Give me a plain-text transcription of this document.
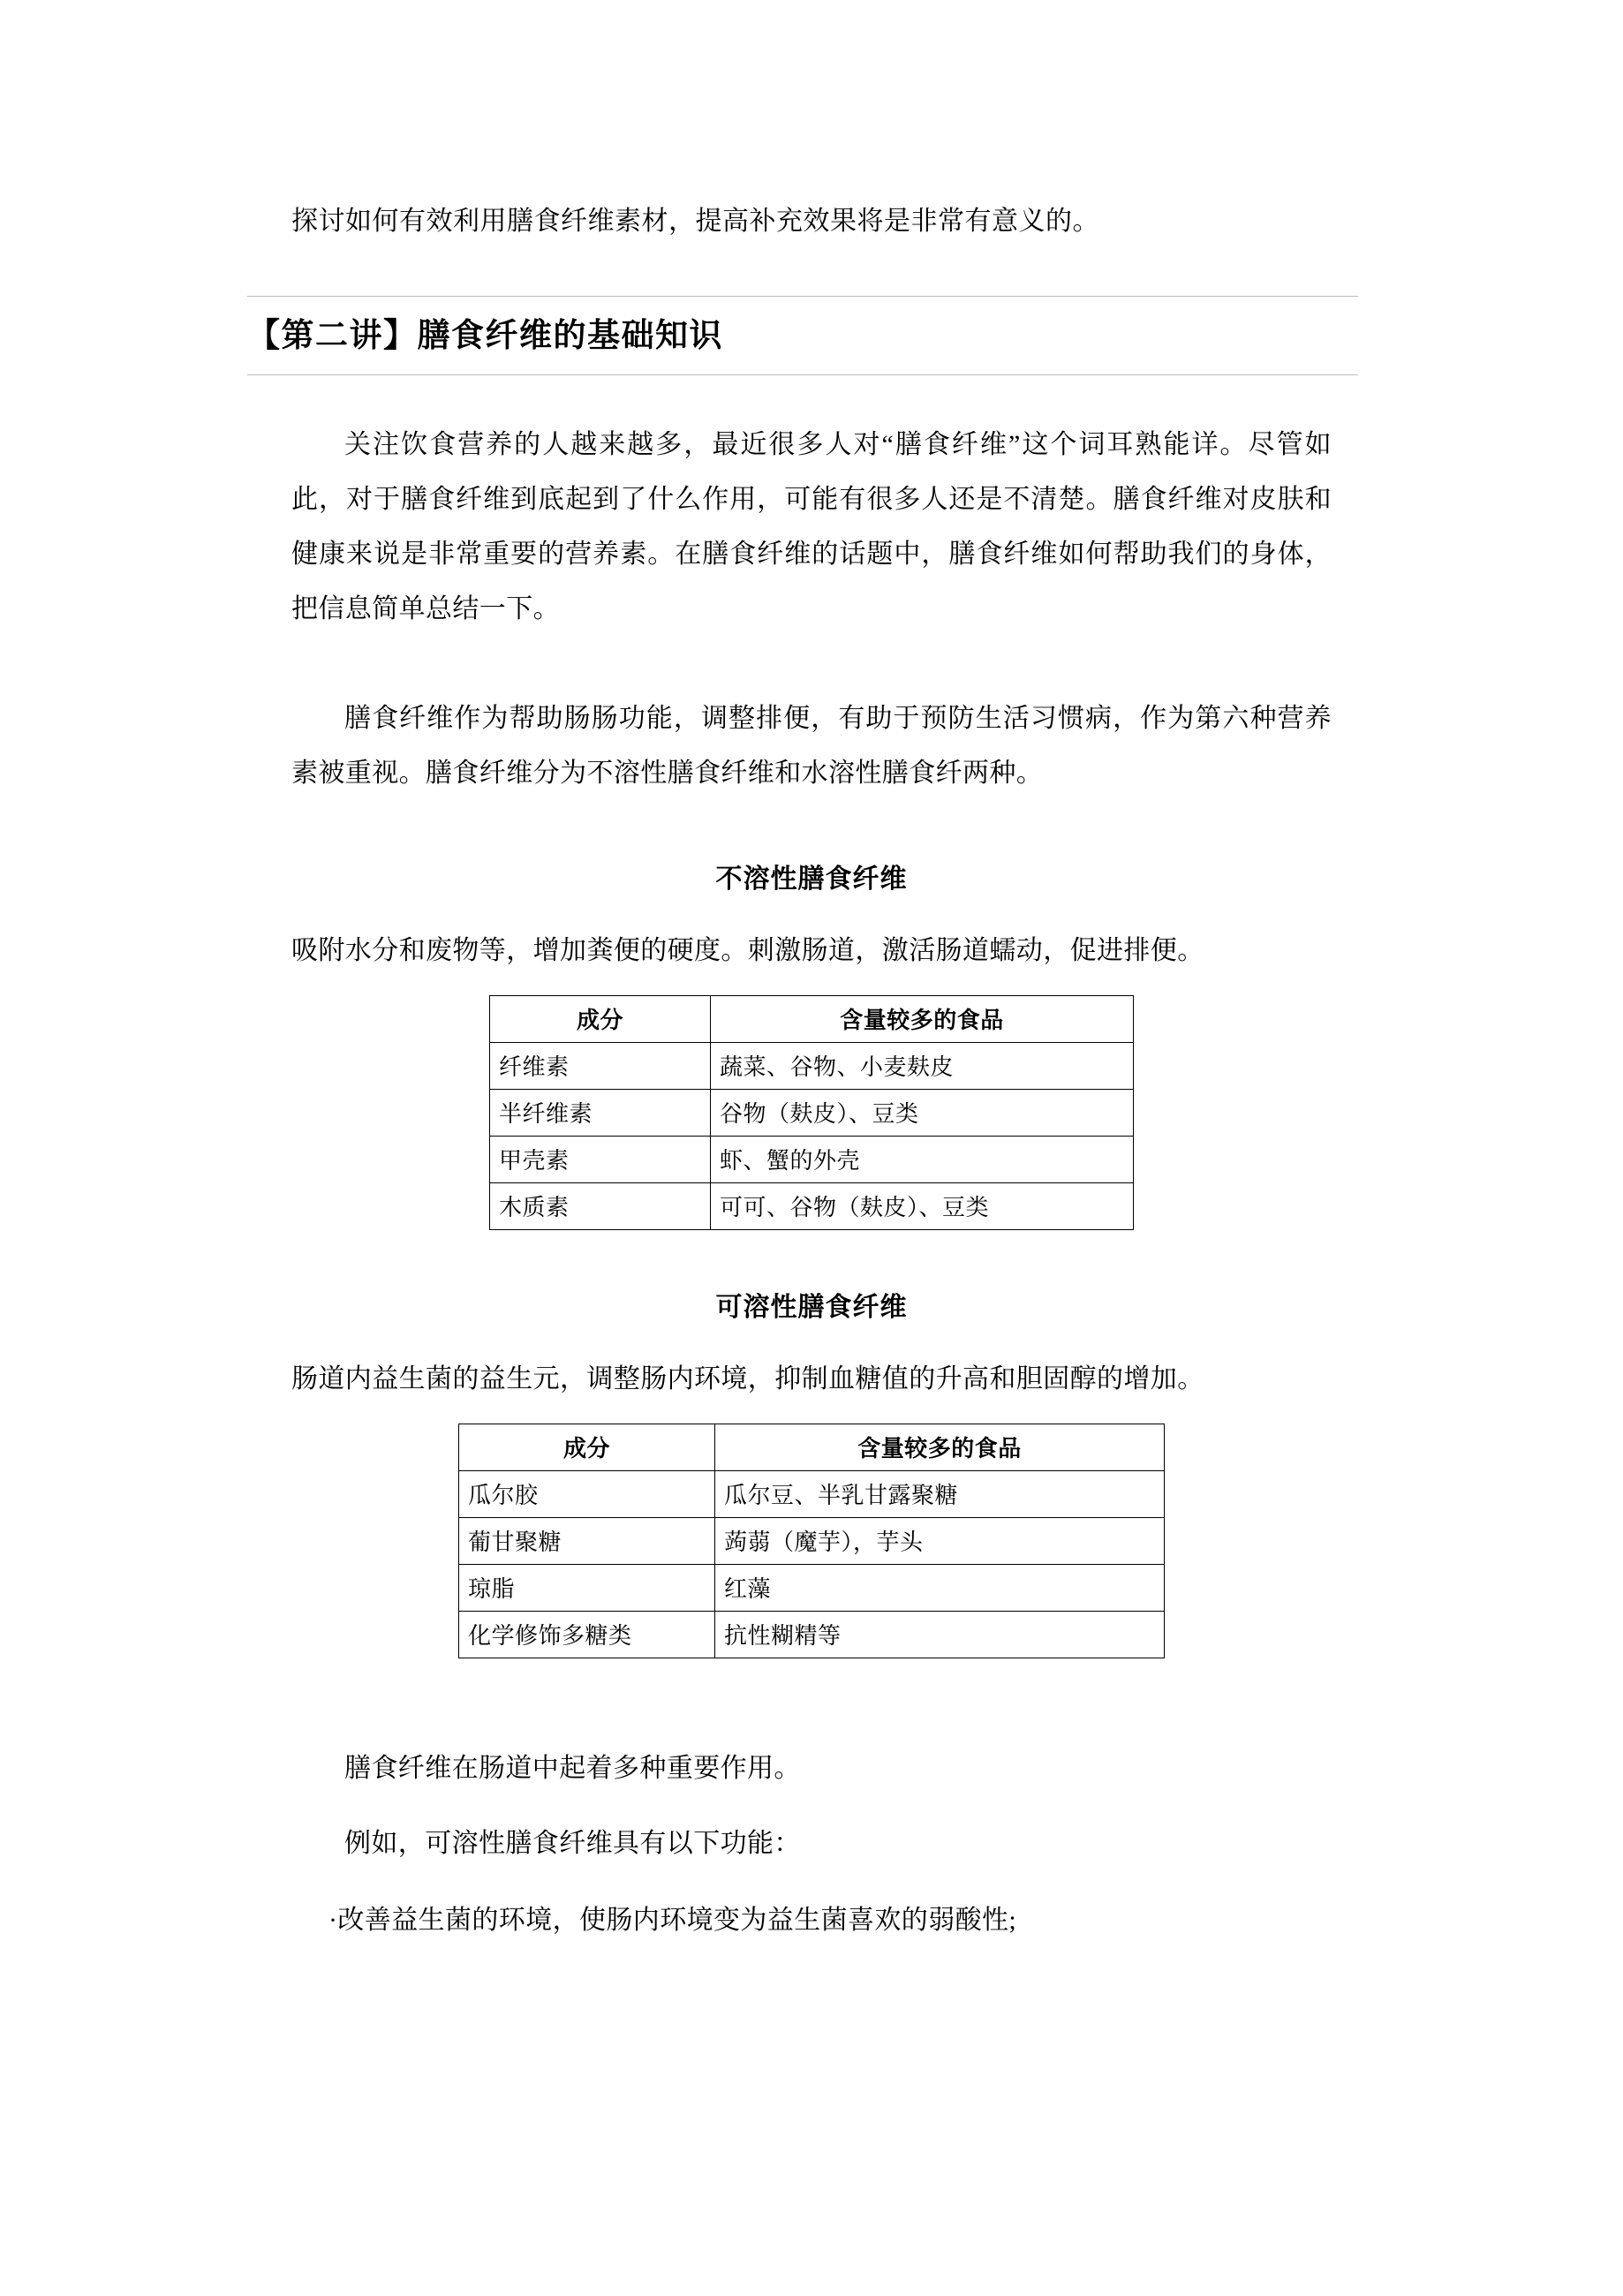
探讨如何有效利用膳食纤维素材，提高补充效果将是非常有意义的。

【第二讲】膳食纤维的基础知识

关注饮食营养的人越来越多，最近很多人对“膳食纤维”这个词耳熟能详。尽管如此，对于膳食纤维到底起到了什么作用，可能有很多人还是不清楚。膳食纤维对皮肤和健康来说是非常重要的营养素。在膳食纤维的话题中，膳食纤维如何帮助我们的身体，把信息简单总结一下。

膳食纤维作为帮助肠肠功能，调整排便，有助于预防生活习惯病，作为第六种营养素被重视。膳食纤维分为不溶性膳食纤维和水溶性膳食纤两种。

不溶性膳食纤维

吸附水分和废物等，增加粪便的硬度。刺激肠道，激活肠道蠕动，促进排便。

成分	含量较多的食品
纤维素	蔬菜、谷物、小麦麸皮
半纤维素	谷物（麸皮）、豆类
甲壳素	虾、蟹的外壳
木质素	可可、谷物（麸皮）、豆类
可溶性膳食纤维

肠道内益生菌的益生元，调整肠内环境，抑制血糖值的升高和胆固醇的增加。

成分	含量较多的食品
瓜尔胶	瓜尔豆、半乳甘露聚糖
葡甘聚糖	蒟蒻（魔芋），芋头
琼脂	红藻
化学修饰多糖类	抗性糊精等

膳食纤维在肠道中起着多种重要作用。

例如，可溶性膳食纤维具有以下功能：

·改善益生菌的环境，使肠内环境变为益生菌喜欢的弱酸性;
